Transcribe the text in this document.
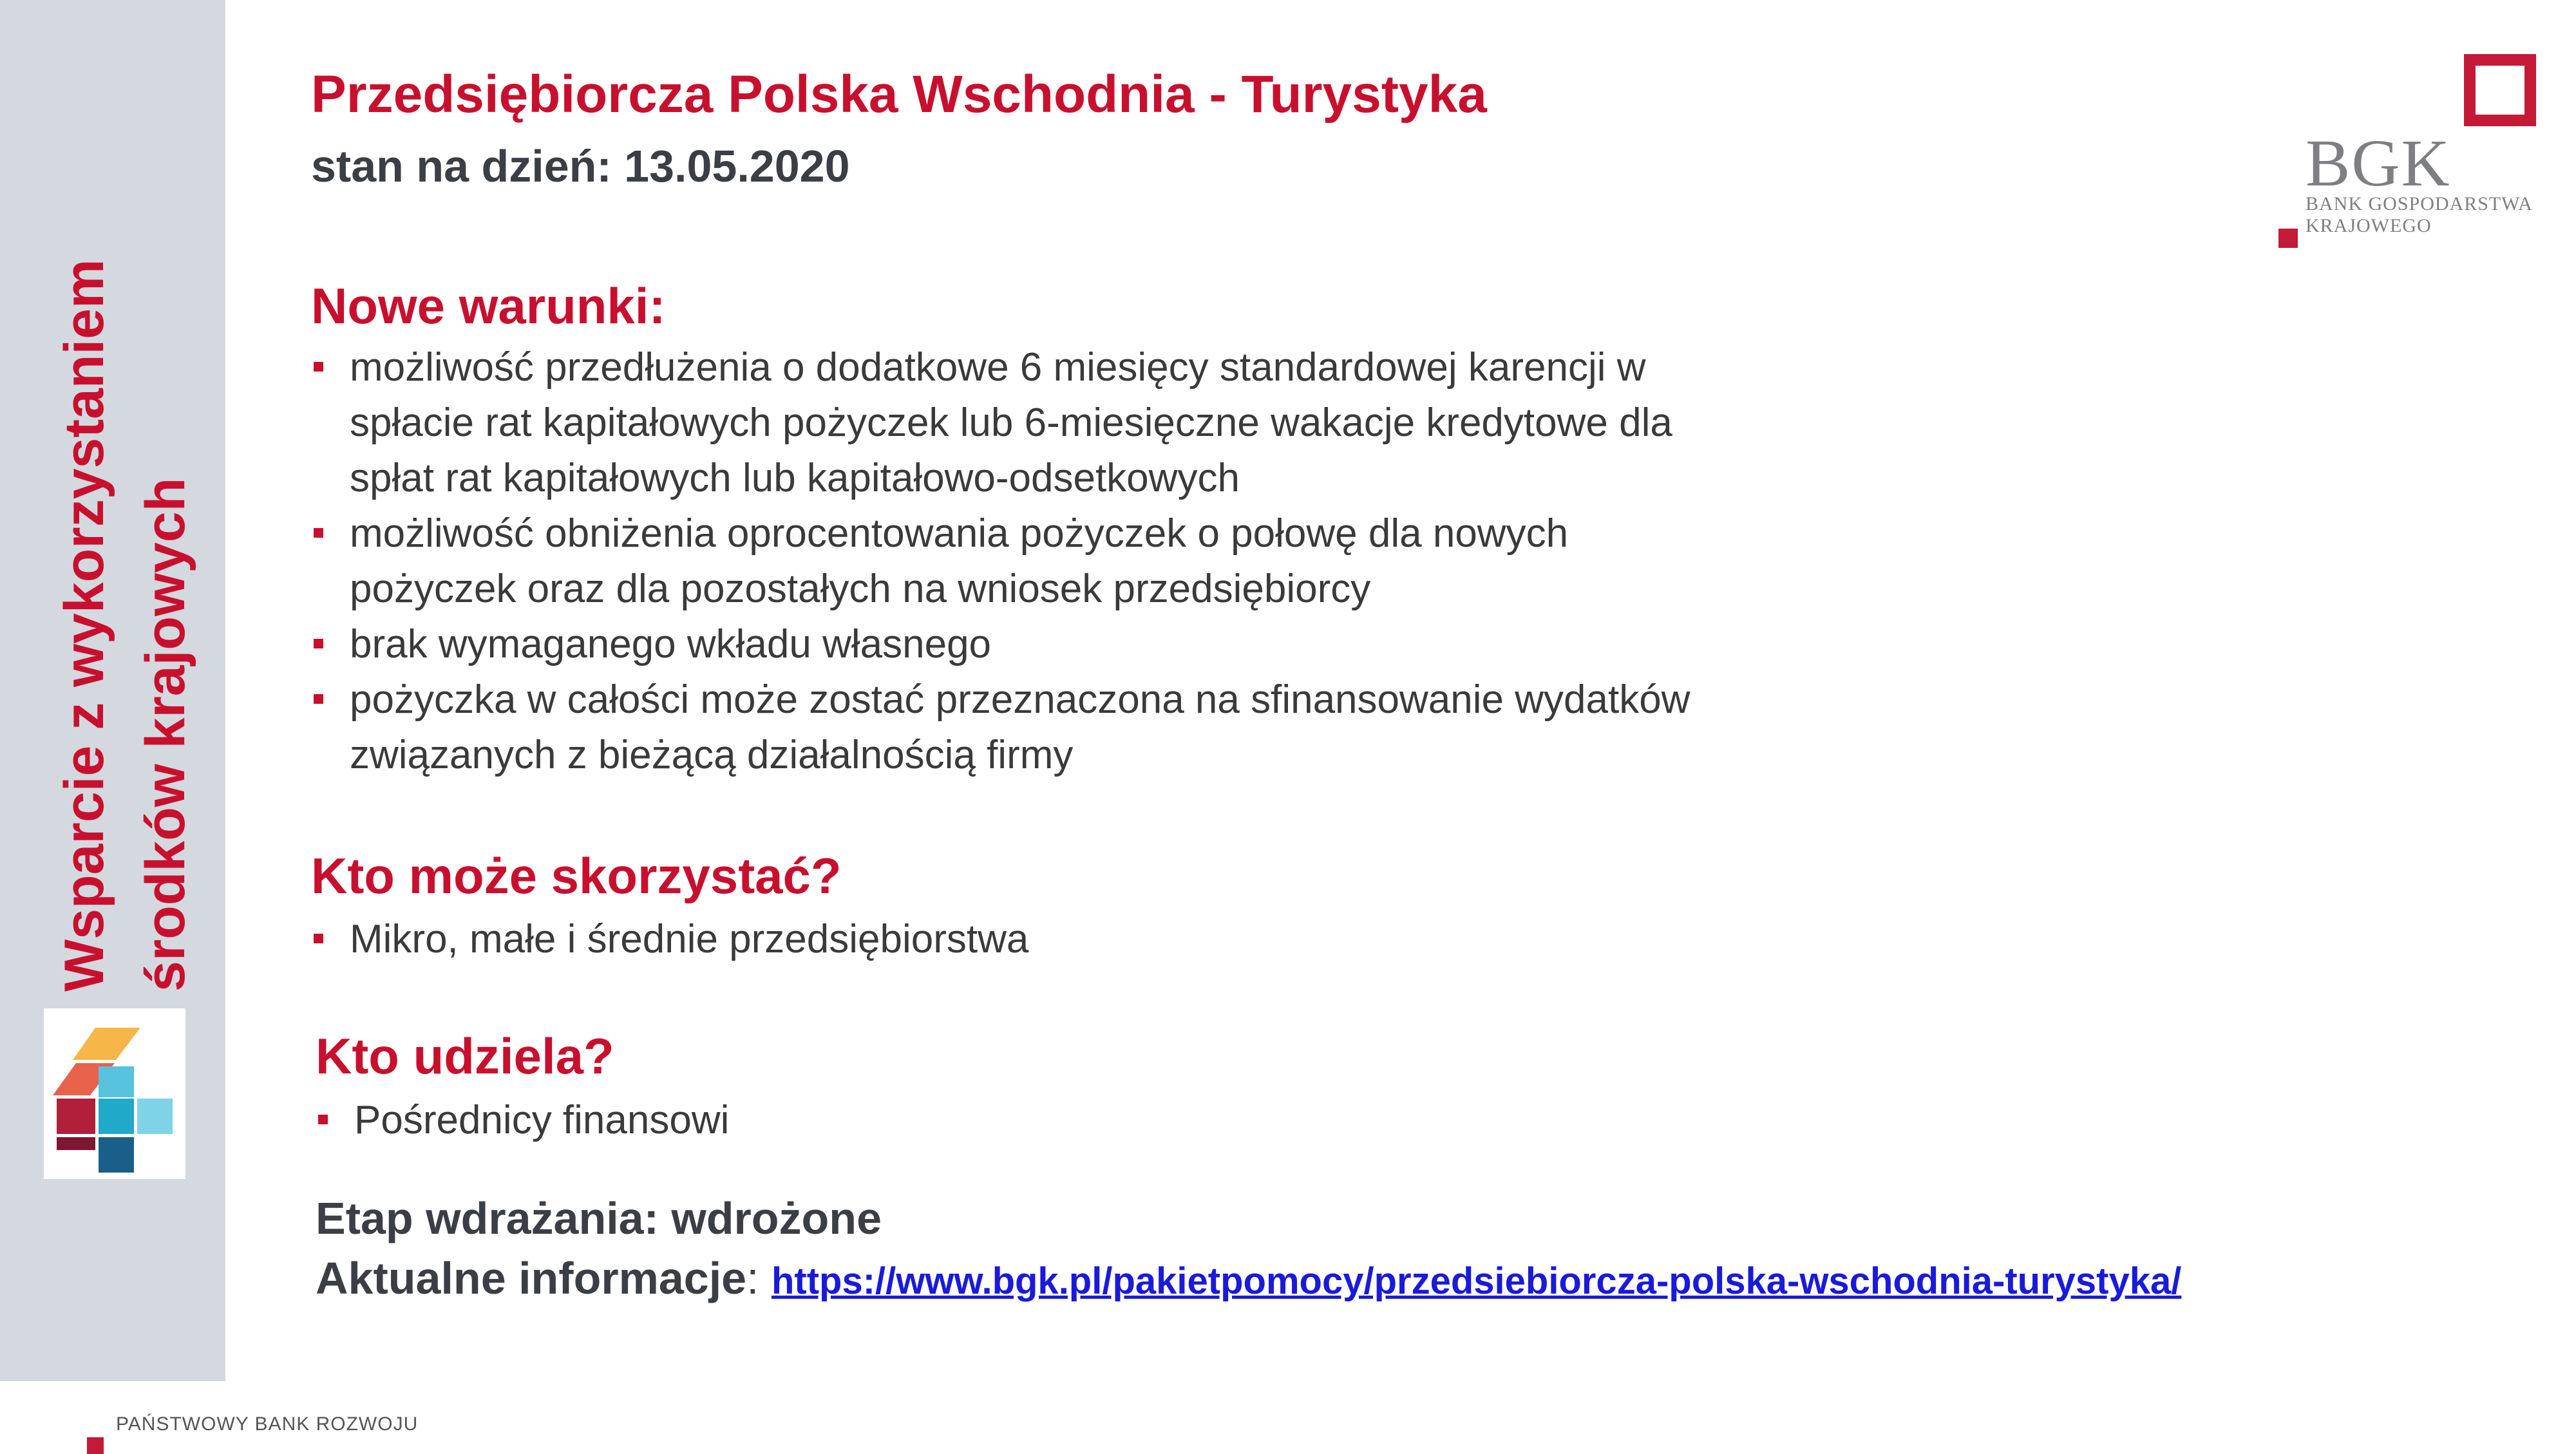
Wsparcie z wykorzystaniem środków krajowych
Przedsiębiorcza Polska Wschodnia - Turystyka
stan na dzień: 13.05.2020
Nowe warunki:
możliwość przedłużenia o dodatkowe 6 miesięcy standardowej karencji w
spłacie rat kapitałowych pożyczek lub 6-miesięczne wakacje kredytowe dla
spłat rat kapitałowych lub kapitałowo-odsetkowych
możliwość obniżenia oprocentowania pożyczek o połowę dla nowych
pożyczek oraz dla pozostałych na wniosek przedsiębiorcy
brak wymaganego wkładu własnego
pożyczka w całości może zostać przeznaczona na sfinansowanie wydatków
związanych z bieżącą działalnością firmy
Kto może skorzystać?
Mikro, małe i średnie przedsiębiorstwa
Kto udziela?
Pośrednicy finansowi
Etap wdrażania: wdrożone
Aktualne informacje: https://www.bgk.pl/pakietpomocy/przedsiebiorcza-polska-wschodnia-turystyka/
BGK
BANK GOSPODARSTWA
KRAJOWEGO
PAŃSTWOWY BANK ROZWOJU
